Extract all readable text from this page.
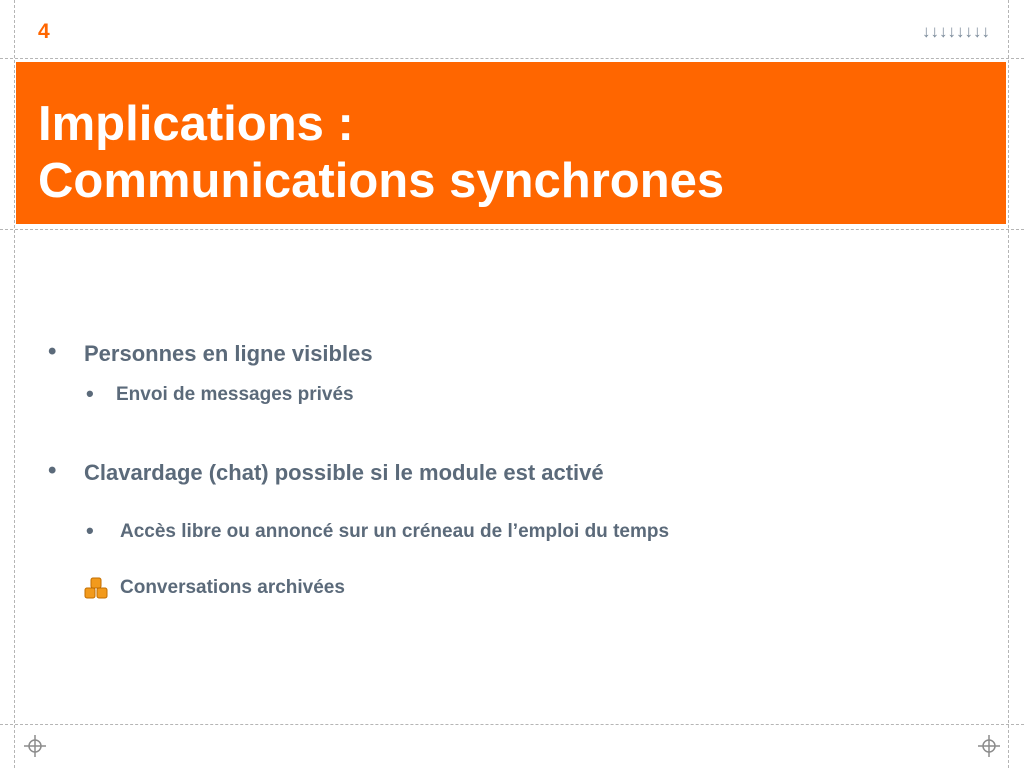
4	↓↓↓↓↓↓↓↓
Implications :
Communications synchrones
• Personnes en ligne visibles
• Envoi de messages privés
• Clavardage (chat) possible si le module est activé
• Accès libre ou annoncé sur un créneau de l’emploi du temps
Conversations archivées
